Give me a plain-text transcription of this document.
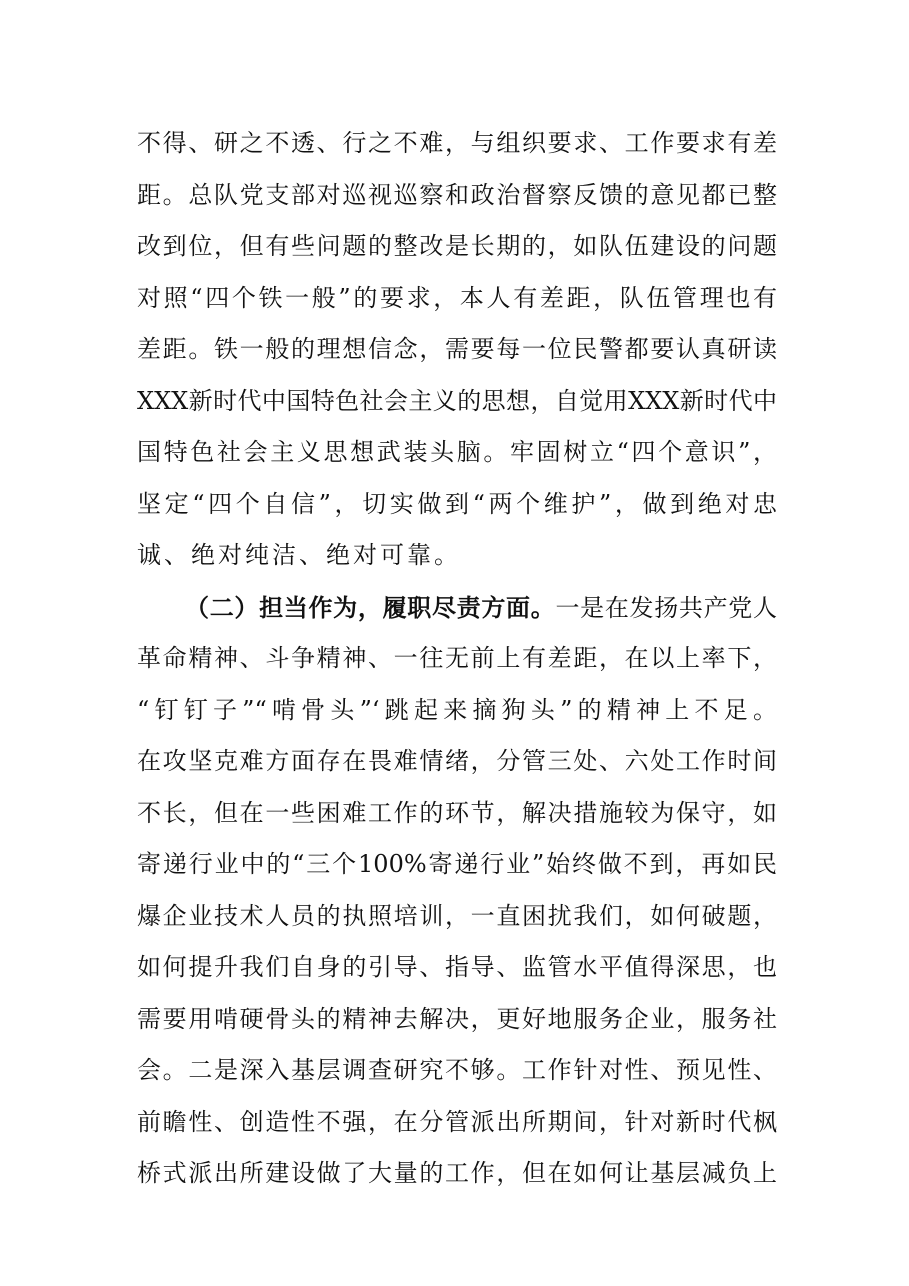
不得、研之不透、行之不难，与组织要求、工作要求有差
距。总队党支部对巡视巡察和政治督察反馈的意见都已整
改到位，但有些问题的整改是长期的，如队伍建设的问题
对照“四个铁一般”的要求，本人有差距，队伍管理也有
差距。铁一般的理想信念，需要每一位民警都要认真研读
XXX新时代中国特色社会主义的思想，自觉用XXX新时代中
国特色社会主义思想武装头脑。牢固树立“四个意识”，
坚定“四个自信”，切实做到“两个维护”，做到绝对忠
诚、绝对纯洁、绝对可靠。
（二）担当作为，履职尽责方面。一是在发扬共产党人
革命精神、斗争精神、一往无前上有差距，在以上率下，
“钉钉子”“啃骨头”‘跳起来摘狗头”的精神上不足。
在攻坚克难方面存在畏难情绪，分管三处、六处工作时间
不长，但在一些困难工作的环节，解决措施较为保守，如
寄递行业中的“三个100%寄递行业”始终做不到，再如民
爆企业技术人员的执照培训，一直困扰我们，如何破题，
如何提升我们自身的引导、指导、监管水平值得深思，也
需要用啃硬骨头的精神去解决，更好地服务企业，服务社
会。二是深入基层调查研究不够。工作针对性、预见性、
前瞻性、创造性不强，在分管派出所期间，针对新时代枫
桥式派出所建设做了大量的工作，但在如何让基层减负上
